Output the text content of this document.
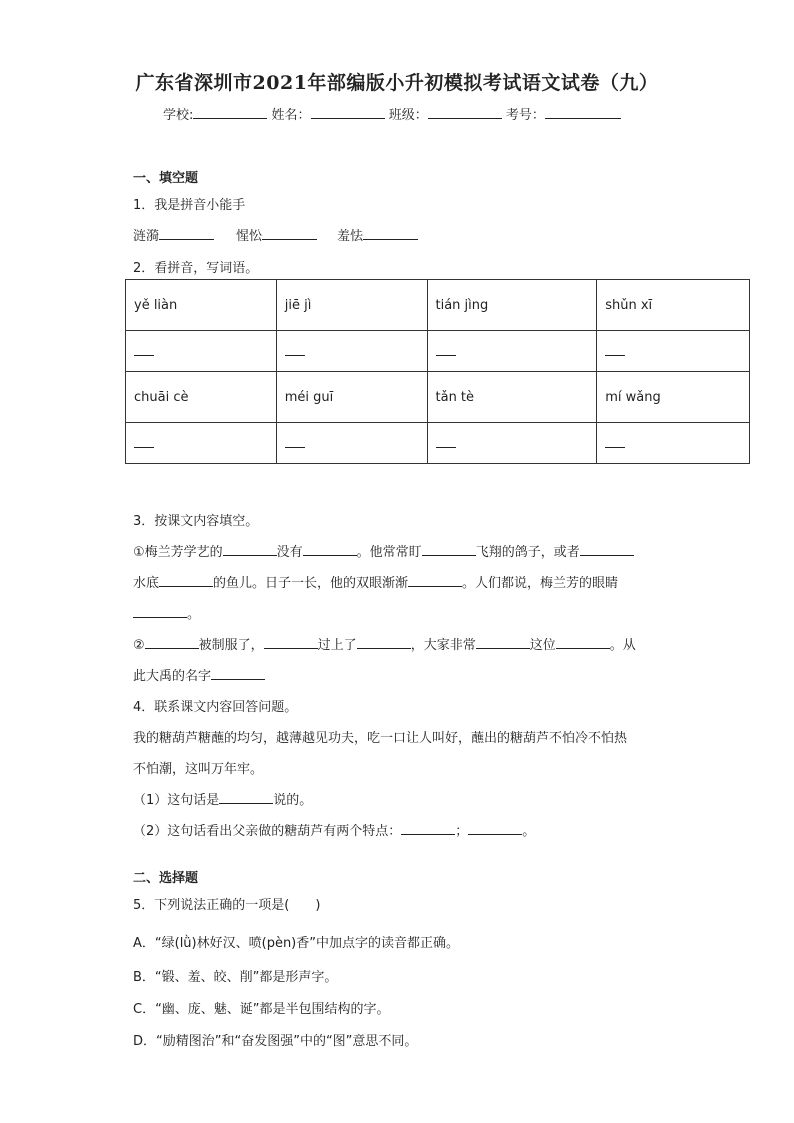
广东省深圳市2021年部编版小升初模拟考试语文试卷（九）
学校:	姓名：	班级：	考号：
一、填空题
1．我是拼音小能手
涟漪	惺忪	羞怯
2．看拼音，写词语。
yě liàn	jiē jì	tián jìng	shǔn xī

chuāi cè	méi guī	tǎn tè	mí wǎng

3．按课文内容填空。
①梅兰芳学艺的	没有	。他常常盯	飞翔的鸽子，或者
水底	的鱼儿。日子一长，他的双眼渐渐	。人们都说，梅兰芳的眼睛
。
②	被制服了，	过上了	，大家非常	这位	。从
此大禹的名字
4．联系课文内容回答问题。
我的糖葫芦糖蘸的均匀，越薄越见功夫，吃一口让人叫好，蘸出的糖葫芦不怕冷不怕热
不怕潮，这叫万年牢。
（1）这句话是	说的。
（2）这句话看出父亲做的糖葫芦有两个特点：	；	。
二、选择题
5．下列说法正确的一项是(　　)
A．“绿(lǜ)林好汉、喷(pèn)香”中加点字的读音都正确。
B．“锻、羞、皎、削”都是形声字。
C．“幽、庞、魅、诞”都是半包围结构的字。
D．“励精图治”和“奋发图强”中的“图”意思不同。
